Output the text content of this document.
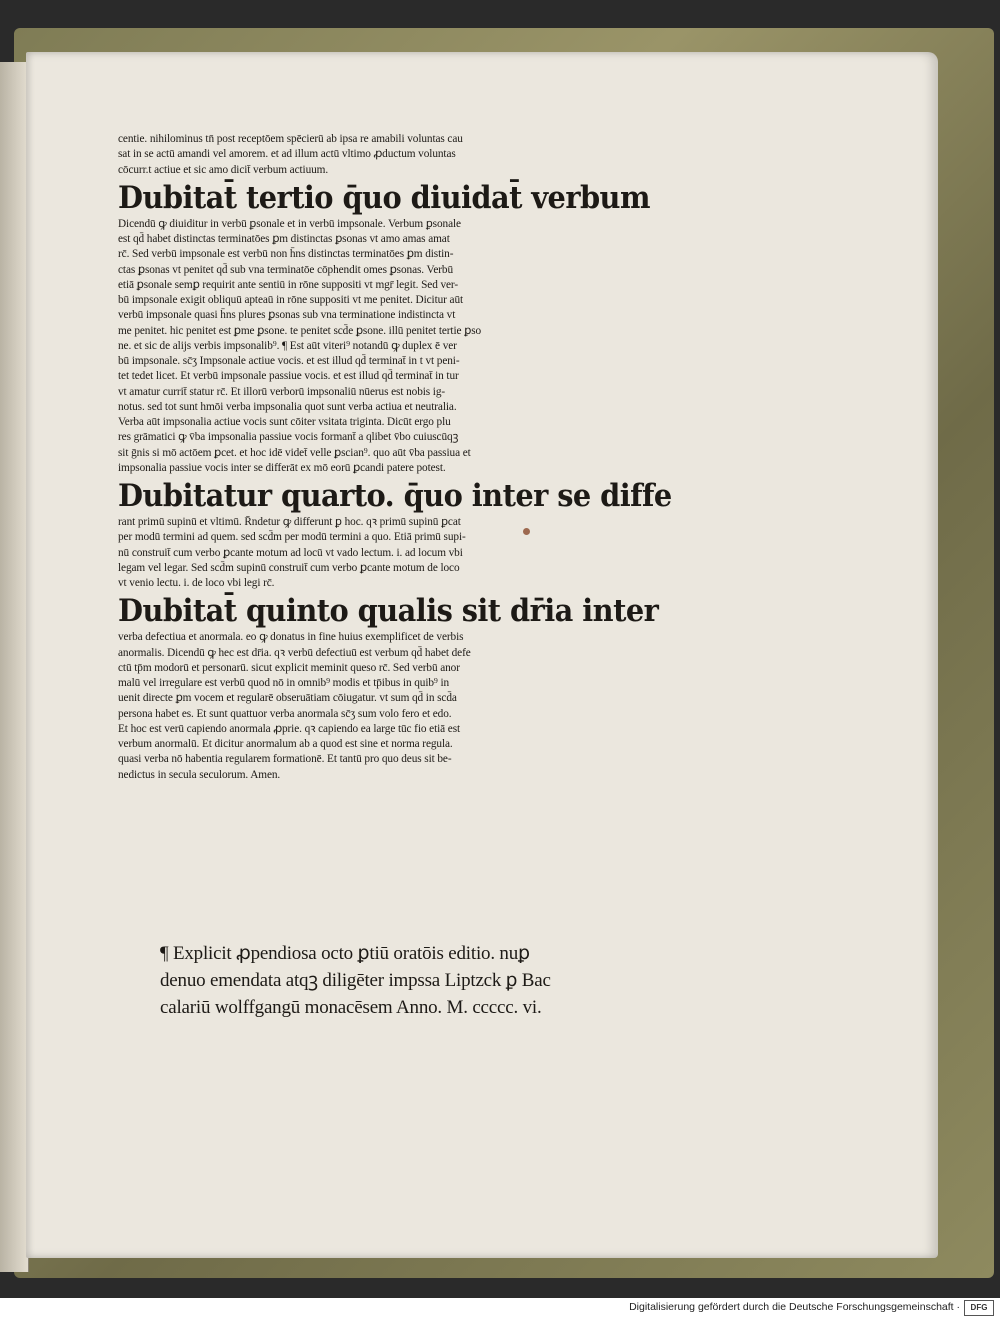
centie. nihilominus tn̄ post receptōem spēcierū ab ipsa re amabili voluntas cau
sat in se actū amandi vel amorem. et ad illum actū vltimo ꝓductum voluntas
cōcurr.t actiue et sic amo dicit̄ verbum actiuum.

Dubitat̄ tertio q̄uo diuidat̄ verbum

Dicendū ꝙ diuiditur in verbū ꝑsonale et in verbū impsonale. Verbum ꝑsonale
est qd̄ habet distinctas terminatōes ꝑm distinctas ꝑsonas vt amo amas amat
rc̄. Sed verbū impsonale est verbū non h̄ns distinctas terminatōes ꝑm distin-
ctas ꝑsonas vt penitet qd̄ sub vna terminatōe cōphendit omes ꝑsonas. Verbū
etiā ꝑsonale semꝑ requirit ante sentiū in rōne suppositi vt mgr̄ legit. Sed ver-
bū impsonale exigit obliquū apteaū in rōne suppositi vt me penitet. Dicitur aūt
verbū impsonale quasi h̄ns plures ꝑsonas sub vna terminatione indistincta vt
me penitet. hic penitet est ꝑme ꝑsone. te penitet scd̄e ꝑsone. illū penitet tertie ꝑso
ne. et sic de alijs verbis impsonalib⁹. ¶ Est aūt viteri⁹ notandū ꝙ duplex ē ver
bū impsonale. sc̄ʒ Impsonale actiue vocis. et est illud qd̄ terminat̄ in t vt peni-
tet tedet licet. Et verbū impsonale passiue vocis. et est illud qd̄ terminat̄ in tur
vt amatur currit̄ statur rc̄. Et illorū verborū impsonaliū nūerus est nobis ig-
notus. sed tot sunt hmōi verba impsonalia quot sunt verba actiua et neutralia.
Verba aūt impsonalia actiue vocis sunt cōiter vsitata triginta. Dicūt ergo plu
res grāmatici ꝙ v̄ba impsonalia passiue vocis formant̄ a qlibet v̄bo cuiuscūqꝫ
sit ḡnis si mō actōem ꝑcet. et hoc idē videt̄ velle ꝑscian⁹. quo aūt v̄ba passiua et
impsonalia passiue vocis inter se differāt ex mō eorū ꝑcandi patere potest.

Dubitatur quarto. q̄uo inter se diffe

rant primū supinū et vltimū. R̄ndetur ꝙ differunt ꝑ hoc. qꝛ primū supinū ꝑcat
per modū termini ad quem. sed scd̄m per modū termini a quo. Etiā primū supi-
nū construit̄ cum verbo ꝑcante motum ad locū vt vado lectum. i. ad locum vbi
legam vel legar. Sed scd̄m supinū construit̄ cum verbo ꝑcante motum de loco
vt venio lectu. i. de loco vbi legi rc̄.

Dubitat̄ quinto qualis sit dr̄ia inter

verba defectiua et anormala. eo ꝙ donatus in fine huius exemplificet de verbis
anormalis. Dicendū ꝙ hec est dr̄ia. qꝛ verbū defectiuū est verbum qd̄ habet defe
ctū tp̄m modorū et personarū. sicut explicit meminit queso rc̄. Sed verbū anor
malū vel irregulare est verbū quod nō in omnib⁹ modis et tp̄ibus in quib⁹ in
uenit directe ꝑm vocem et regularē obseruātiam cōiugatur. vt sum qd̄ in scd̄a
persona habet es. Et sunt quattuor verba anormala sc̄ʒ sum volo fero et edo.
Et hoc est verū capiendo anormala ꝓprie. qꝛ capiendo ea large tūc fio etiā est
verbum anormalū. Et dicitur anormalum ab a quod est sine et norma regula.
quasi verba nō habentia regularem formationē. Et tantū pro quo deus sit be-
nedictus in secula seculorum. Amen.

¶ Explicit ꝓpendiosa octo ꝑtiū oratōis editio. nuꝑ
denuo emendata atqꝫ diligēter impssa Liptzck ꝑ Bac
calariū wolffgangū monacēsem Anno. M. ccccc. vi.
Digitalisierung gefördert durch die Deutsche Forschungsgemeinschaft ·	DFG
